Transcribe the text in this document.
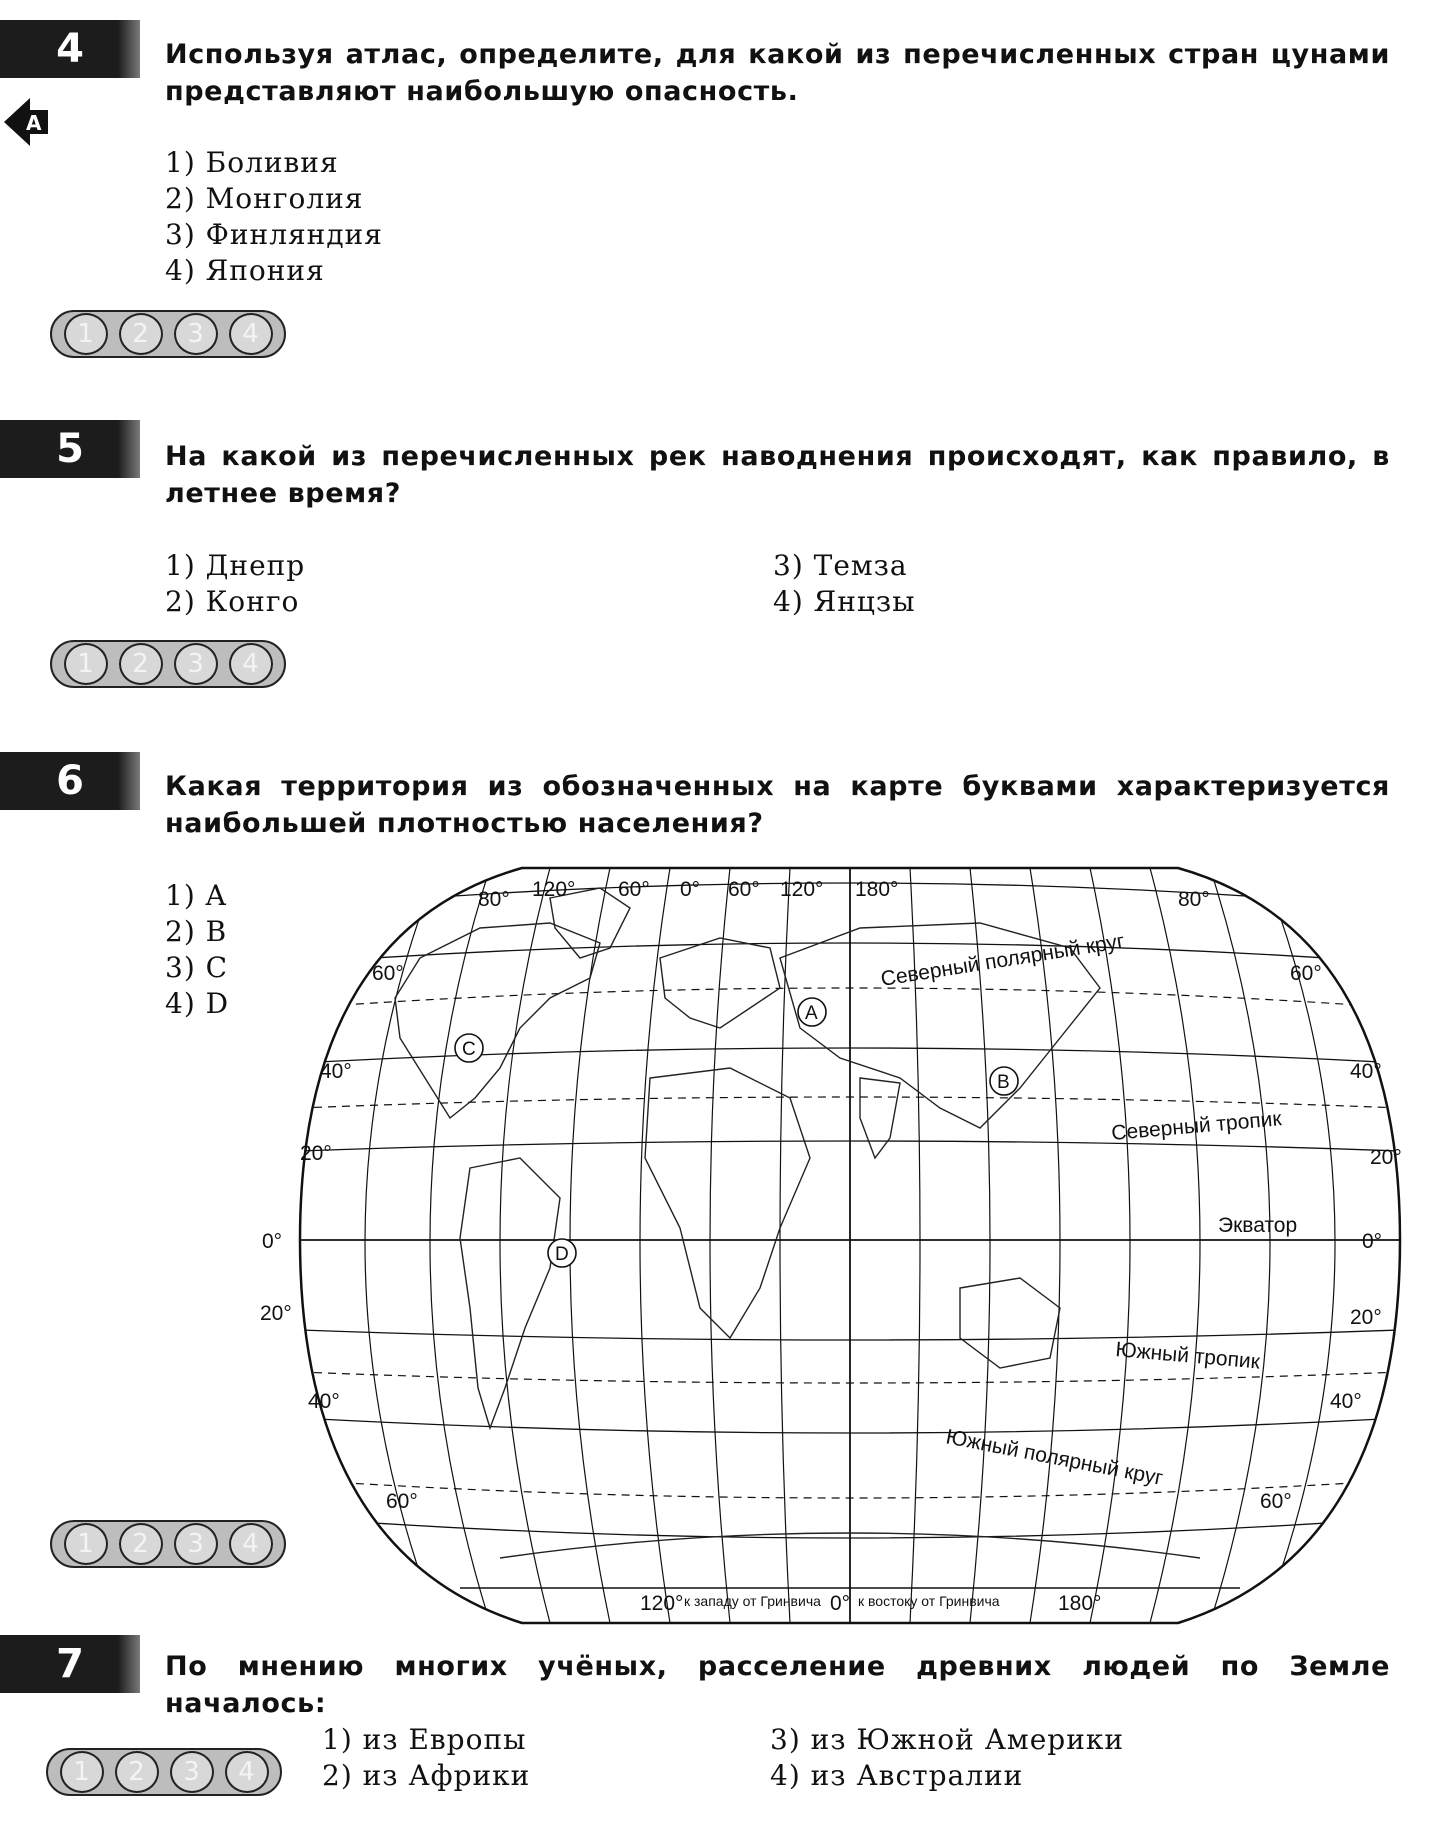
4
A
Используя атлас, определите, для какой из перечисленных стран цунами представляют наибольшую опасность.
1) Боливия
2) Монголия
3) Финляндия
4) Япония
1	2	3	4
5	На какой из перечисленных рек наводнения происходят, как правило, в летнее время?
1) Днепр
2) Конго
3) Темза
4) Янцзы
1	2	3	4
6	Какая территория из обозначенных на карте буквами характеризуется наибольшей плотностью населения?
1) A
2) B
3) C
4) D
80° 120° 60° 0° 60° 120° 180°	80°
60°
40°
20°
0°
20°
40°
60°
60°
40°
20°
0°
20°
40°
60°
Северный полярный круг
Северный тропик
Экватор
Южный тропик
Южный полярный круг
120° к западу от Гринвича 0° к востоку от Гринвича	180°
A
B
C
D
1	2	3	4
7	По мнению многих учёных, расселение древних людей по Земле началось:
1) из Европы
2) из Африки
3) из Южной Америки
4) из Австралии
1	2	3	4
